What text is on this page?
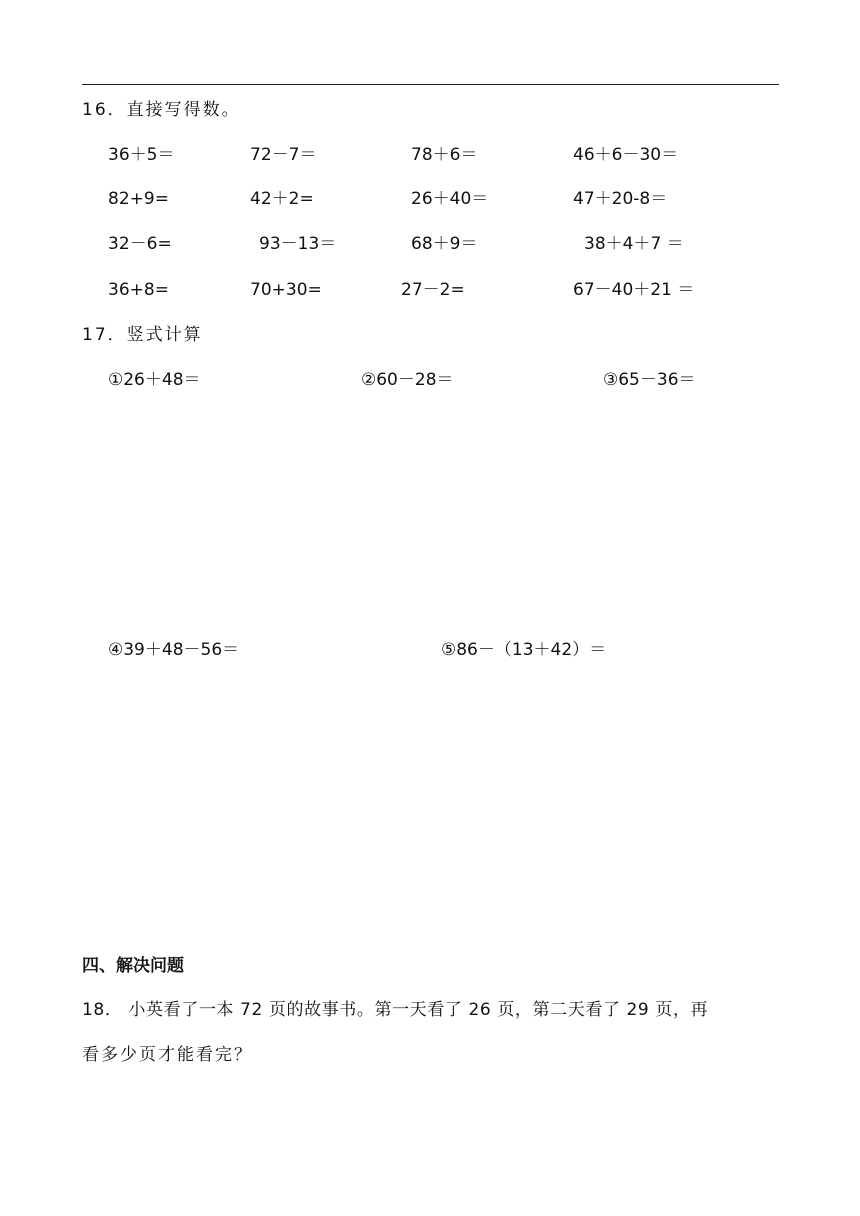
16．直接写得数。
36＋5＝	72－7＝	78＋6＝	46＋6－30＝
82+9=	42＋2=	26＋40＝	47＋20-8＝
32－6=	93－13＝	68＋9＝	38＋4＋7 ＝
36+8=	70+30=	27－2=	67－40＋21 ＝
17．竖式计算
①26＋48＝	②60－28＝	③65－36＝
④39＋48－56＝	⑤86－（13＋42）＝
四、解决问题
18． 小英看了一本 72 页的故事书。第一天看了 26 页，第二天看了 29 页，再
看多少页才能看完？
